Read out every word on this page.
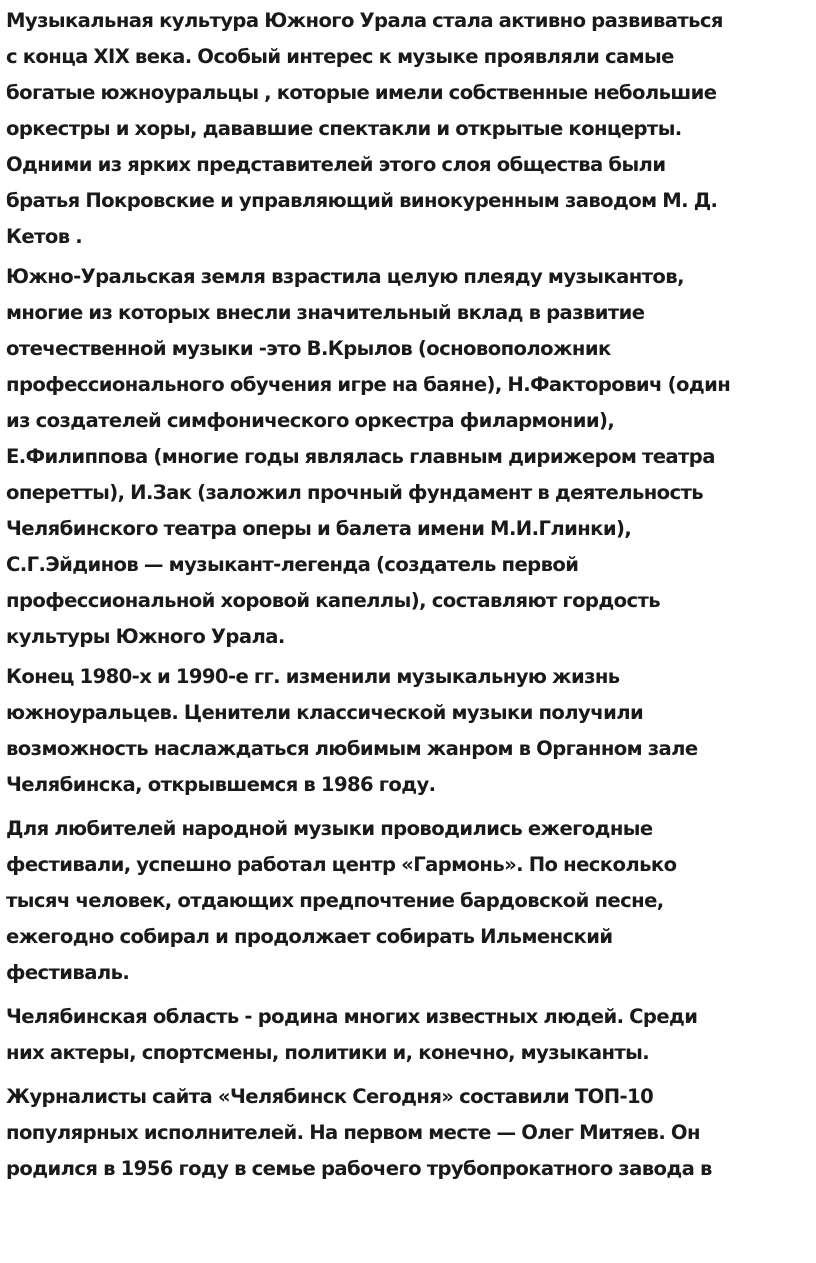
Музыкальная культура Южного Урала стала активно развиваться
с конца XIX века. Особый интерес к музыке проявляли самые
богатые южноуральцы , которые имели собственные небольшие
оркестры и хоры, дававшие спектакли и открытые концерты.
Одними из ярких представителей этого слоя общества были
братья Покровские и управляющий винокуренным заводом М. Д.
Кетов .
Южно-Уральская земля взрастила целую плеяду музыкантов,
многие из которых внесли значительный вклад в развитие
отечественной музыки -это В.Крылов (основоположник
профессионального обучения игре на баяне), Н.Факторович (один
из создателей симфонического оркестра филармонии),
Е.Филиппова (многие годы являлась главным дирижером театра
оперетты), И.Зак (заложил прочный фундамент в деятельность
Челябинского театра оперы и балета имени М.И.Глинки),
С.Г.Эйдинов — музыкант-легенда (создатель первой
профессиональной хоровой капеллы), составляют гордость
культуры Южного Урала.
Конец 1980-х и 1990-е гг. изменили музыкальную жизнь
южноуральцев. Ценители классической музыки получили
возможность наслаждаться любимым жанром в Органном зале
Челябинска, открывшемся в 1986 году.
Для любителей народной музыки проводились ежегодные
фестивали, успешно работал центр «Гармонь». По несколько
тысяч человек, отдающих предпочтение бардовской песне,
ежегодно собирал и продолжает собирать Ильменский
фестиваль.
Челябинская область - родина многих известных людей. Среди
них актеры, спортсмены, политики и, конечно, музыканты.
Журналисты сайта «Челябинск Сегодня» составили ТОП-10
популярных исполнителей. На первом месте — Олег Митяев. Он
родился в 1956 году в семье рабочего трубопрокатного завода в
